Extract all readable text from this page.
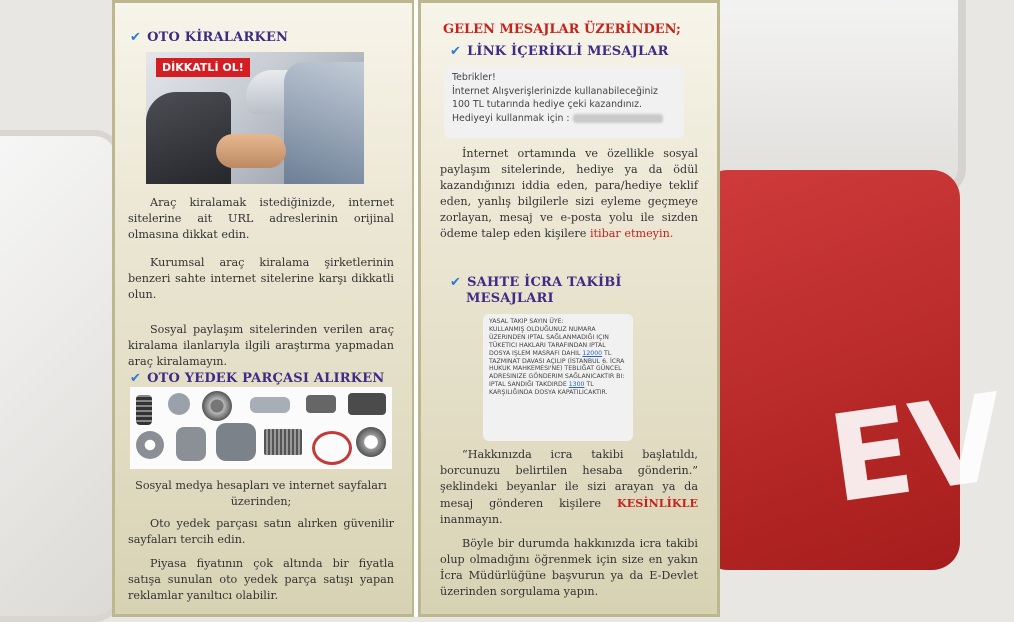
EV
✔ OTO KİRALARKEN
DİKKATLİ OL!

Araç kiralamak istediğinizde, internet sitelerine ait URL adreslerinin orijinal olmasına dikkat edin.

Kurumsal araç kiralama şirketlerinin benzeri sahte internet sitelerine karşı dikkatli olun.

Sosyal paylaşım sitelerinden verilen araç kiralama ilanlarıyla ilgili araştırma yapmadan araç kiralamayın.

✔ OTO YEDEK PARÇASI ALIRKEN

Sosyal medya hesapları ve internet sayfaları üzerinden;

Oto yedek parçası satın alırken güvenilir sayfaları tercih edin.

Piyasa fiyatının çok altında bir fiyatla satışa sunulan oto yedek parça satışı yapan reklamlar yanıltıcı olabilir.

GELEN MESAJLAR ÜZERİNDEN;
✔ LİNK İÇERİKLİ MESAJLAR
Tebrikler!
İnternet Alışverişlerinizde kullanabileceğiniz
100 TL tutarında hediye çeki kazandınız.
Hediyeyi kullanmak için :

İnternet ortamında ve özellikle sosyal paylaşım sitelerinde, hediye ya da ödül kazandığınızı iddia eden, para/hediye teklif eden, yanlış bilgilerle sizi eyleme geçmeye zorlayan, mesaj ve e-posta yolu ile sizden ödeme talep eden kişilere itibar etmeyin.

✔ SAHTE İCRA TAKİBİ
MESAJLARI
YASAL TAKIP SAYIN ÜYE:
KULLANMIŞ OLDUĞUNUZ NUMARA ÜZERINDEN IPTAL SAĞLANMADIĞI IÇIN TÜKETICI HAKLARI TARAFINDAN IPTAL DOSYA IŞLEM MASRAFI DAHIL 12000 TL TAZMINAT DAVASI AÇILIP (İSTANBUL 6. İCRA HUKUK MAHKEMESI'NE) TEBLIĞAT GÜNCEL ADRESINIZE GÖNDERIM SAĞLANICAKTIR BI: IPTAL SANDIĞI TAKDIRDE 1300 TL KARŞILIĞINDA DOSYA KAPATILICAKTIR.

“Hakkınızda icra takibi başlatıldı, borcunuzu belirtilen hesaba gönderin.” şeklindeki beyanlar ile sizi arayan ya da mesaj gönderen kişilere KESİNLİKLE inanmayın.

Böyle bir durumda hakkınızda icra takibi olup olmadığını öğrenmek için size en yakın İcra Müdürlüğüne başvurun ya da E-Devlet üzerinden sorgulama yapın.
